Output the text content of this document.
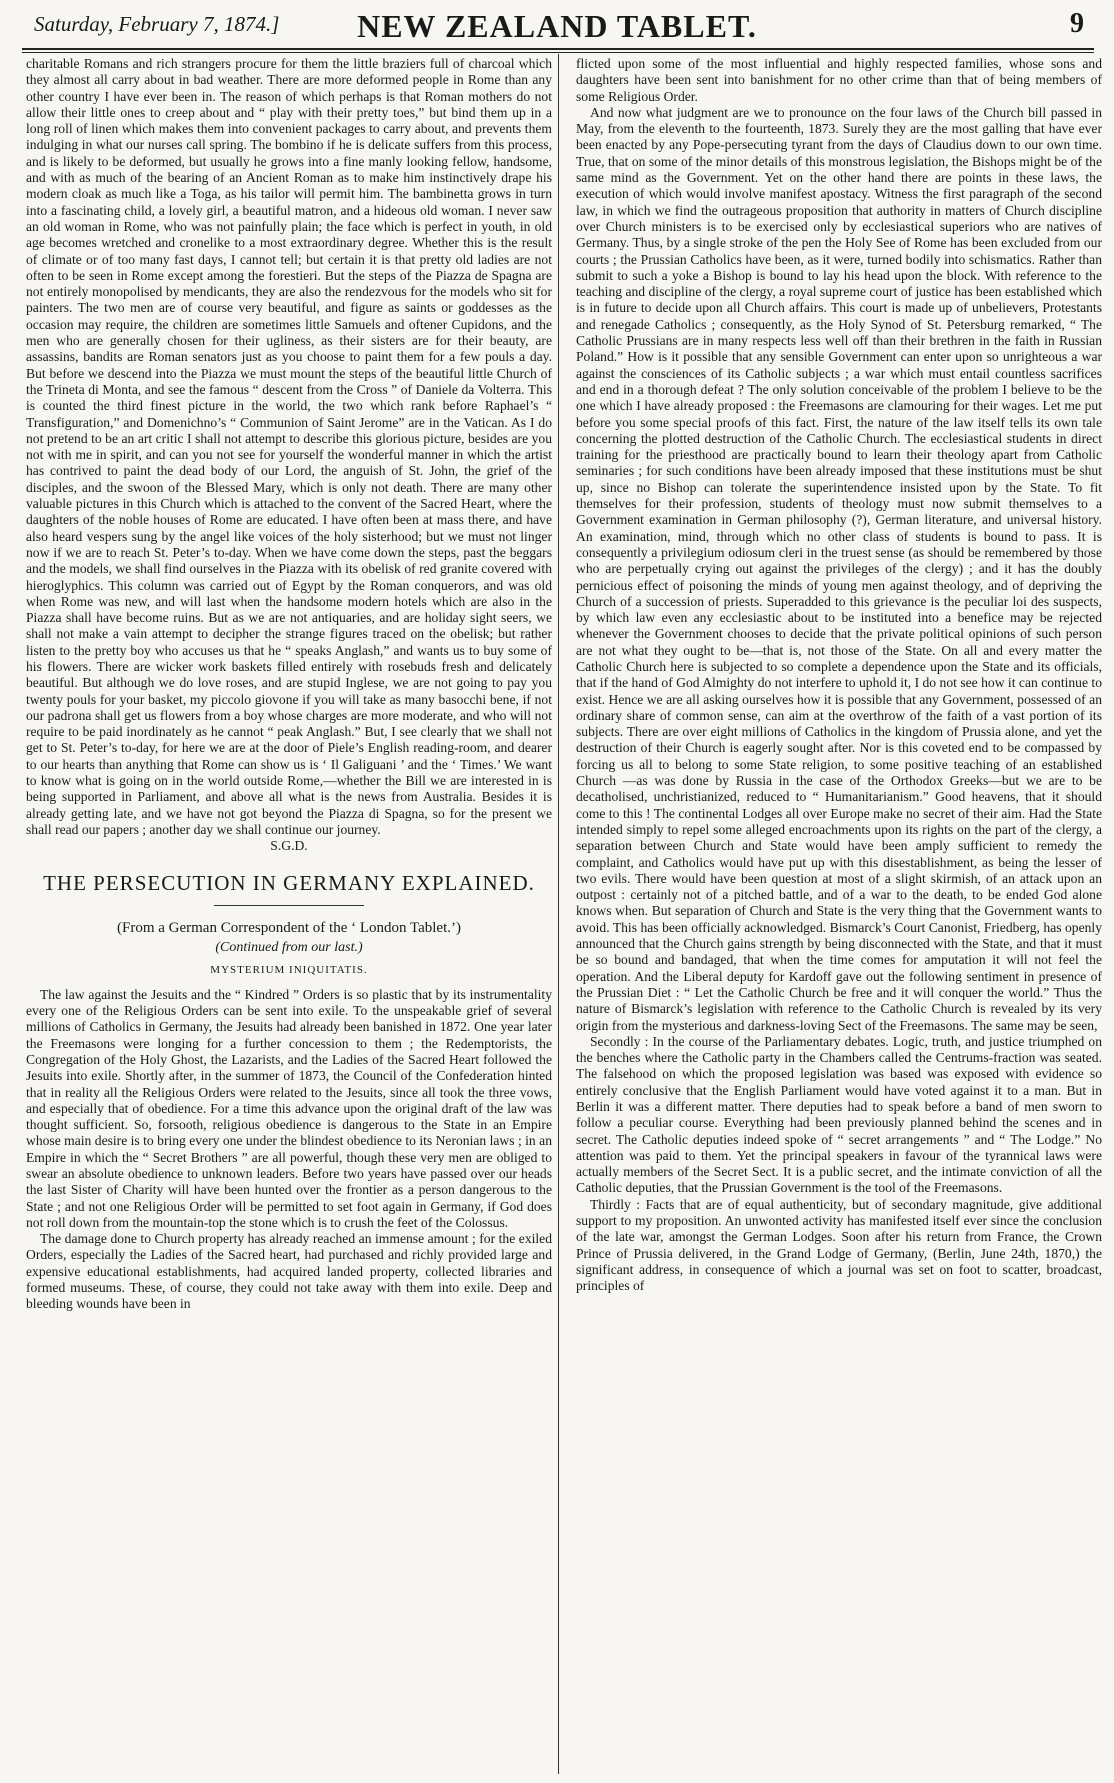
Saturday, February 7, 1874.]	NEW ZEALAND TABLET.	9

charitable Romans and rich strangers procure for them the little braziers full of charcoal which they almost all carry about in bad weather. There are more deformed people in Rome than any other country I have ever been in. The reason of which perhaps is that Roman mothers do not allow their little ones to creep about and “ play with their pretty toes,” but bind them up in a long roll of linen which makes them into convenient packages to carry about, and prevents them indulging in what our nurses call spring. The bombino if he is delicate suffers from this process, and is likely to be deformed, but usually he grows into a fine manly looking fellow, handsome, and with as much of the bearing of an Ancient Roman as to make him instinctively drape his modern cloak as much like a Toga, as his tailor will permit him. The bambinetta grows in turn into a fascinating child, a lovely girl, a beautiful matron, and a hideous old woman. I never saw an old woman in Rome, who was not painfully plain; the face which is perfect in youth, in old age becomes wretched and cronelike to a most extraordinary degree. Whether this is the result of climate or of too many fast days, I cannot tell; but certain it is that pretty old ladies are not often to be seen in Rome except among the forestieri. But the steps of the Piazza de Spagna are not entirely monopolised by mendicants, they are also the rendezvous for the models who sit for painters. The two men are of course very beautiful, and figure as saints or goddesses as the occasion may require, the children are sometimes little Samuels and oftener Cupidons, and the men who are generally chosen for their ugliness, as their sisters are for their beauty, are assassins, bandits are Roman senators just as you choose to paint them for a few pouls a day. But before we descend into the Piazza we must mount the steps of the beautiful little Church of the Trineta di Monta, and see the famous “ descent from the Cross ” of Daniele da Volterra. This is counted the third finest picture in the world, the two which rank before Raphael’s “ Transfiguration,” and Domenichno’s “ Communion of Saint Jerome” are in the Vatican. As I do not pretend to be an art critic I shall not attempt to describe this glorious picture, besides are you not with me in spirit, and can you not see for yourself the wonderful manner in which the artist has contrived to paint the dead body of our Lord, the anguish of St. John, the grief of the disciples, and the swoon of the Blessed Mary, which is only not death. There are many other valuable pictures in this Church which is attached to the convent of the Sacred Heart, where the daughters of the noble houses of Rome are educated. I have often been at mass there, and have also heard vespers sung by the angel like voices of the holy sisterhood; but we must not linger now if we are to reach St. Peter’s to-day. When we have come down the steps, past the beggars and the models, we shall find ourselves in the Piazza with its obelisk of red granite covered with hieroglyphics. This column was carried out of Egypt by the Roman conquerors, and was old when Rome was new, and will last when the handsome modern hotels which are also in the Piazza shall have become ruins. But as we are not antiquaries, and are holiday sight seers, we shall not make a vain attempt to decipher the strange figures traced on the obelisk; but rather listen to the pretty boy who accuses us that he “ speaks Anglash,” and wants us to buy some of his flowers. There are wicker work baskets filled entirely with rosebuds fresh and delicately beautiful. But although we do love roses, and are stupid Inglese, we are not going to pay you twenty pouls for your basket, my piccolo giovone if you will take as many basocchi bene, if not our padrona shall get us flowers from a boy whose charges are more moderate, and who will not require to be paid inordinately as he cannot “ peak Anglash.” But, I see clearly that we shall not get to St. Peter’s to-day, for here we are at the door of Piele’s English reading-room, and dearer to our hearts than anything that Rome can show us is ‘ Il Galiguani ’ and the ‘ Times.’ We want to know what is going on in the world outside Rome,—whether the Bill we are interested in is being supported in Parliament, and above all what is the news from Australia. Besides it is already getting late, and we have not got beyond the Piazza di Spagna, so for the present we shall read our papers ; another day we shall continue our journey.

S.G.D.

THE PERSECUTION IN GERMANY EXPLAINED.
(From a German Correspondent of the ‘ London Tablet.’)
(Continued from our last.)
MYSTERIUM INIQUITATIS.

The law against the Jesuits and the “ Kindred ” Orders is so plastic that by its instrumentality every one of the Religious Orders can be sent into exile. To the unspeakable grief of several millions of Catholics in Germany, the Jesuits had already been banished in 1872. One year later the Freemasons were longing for a further concession to them ; the Redemptorists, the Congregation of the Holy Ghost, the Lazarists, and the Ladies of the Sacred Heart followed the Jesuits into exile. Shortly after, in the summer of 1873, the Council of the Confederation hinted that in reality all the Religious Orders were related to the Jesuits, since all took the three vows, and especially that of obedience. For a time this advance upon the original draft of the law was thought sufficient. So, forsooth, religious obedience is dangerous to the State in an Empire whose main desire is to bring every one under the blindest obedience to its Neronian laws ; in an Empire in which the “ Secret Brothers ” are all powerful, though these very men are obliged to swear an absolute obedience to unknown leaders. Before two years have passed over our heads the last Sister of Charity will have been hunted over the frontier as a person dangerous to the State ; and not one Religious Order will be permitted to set foot again in Germany, if God does not roll down from the mountain-top the stone which is to crush the feet of the Colossus.

The damage done to Church property has already reached an immense amount ; for the exiled Orders, especially the Ladies of the Sacred heart, had purchased and richly provided large and expensive educational establishments, had acquired landed property, collected libraries and formed museums. These, of course, they could not take away with them into exile. Deep and bleeding wounds have been in

flicted upon some of the most influential and highly respected families, whose sons and daughters have been sent into banishment for no other crime than that of being members of some Religious Order.

And now what judgment are we to pronounce on the four laws of the Church bill passed in May, from the eleventh to the fourteenth, 1873. Surely they are the most galling that have ever been enacted by any Pope-persecuting tyrant from the days of Claudius down to our own time. True, that on some of the minor details of this monstrous legislation, the Bishops might be of the same mind as the Government. Yet on the other hand there are points in these laws, the execution of which would involve manifest apostacy. Witness the first paragraph of the second law, in which we find the outrageous proposition that authority in matters of Church discipline over Church ministers is to be exercised only by ecclesiastical superiors who are natives of Germany. Thus, by a single stroke of the pen the Holy See of Rome has been excluded from our courts ; the Prussian Catholics have been, as it were, turned bodily into schismatics. Rather than submit to such a yoke a Bishop is bound to lay his head upon the block. With reference to the teaching and discipline of the clergy, a royal supreme court of justice has been established which is in future to decide upon all Church affairs. This court is made up of unbelievers, Protestants and renegade Catholics ; consequently, as the Holy Synod of St. Petersburg remarked, “ The Catholic Prussians are in many respects less well off than their brethren in the faith in Russian Poland.” How is it possible that any sensible Government can enter upon so unrighteous a war against the consciences of its Catholic subjects ; a war which must entail countless sacrifices and end in a thorough defeat ? The only solution conceivable of the problem I believe to be the one which I have already proposed : the Freemasons are clamouring for their wages. Let me put before you some special proofs of this fact. First, the nature of the law itself tells its own tale concerning the plotted destruction of the Catholic Church. The ecclesiastical students in direct training for the priesthood are practically bound to learn their theology apart from Catholic seminaries ; for such conditions have been already imposed that these institutions must be shut up, since no Bishop can tolerate the superintendence insisted upon by the State. To fit themselves for their profession, students of theology must now submit themselves to a Government examination in German philosophy (?), German literature, and universal history. An examination, mind, through which no other class of students is bound to pass. It is consequently a privilegium odiosum cleri in the truest sense (as should be remembered by those who are perpetually crying out against the privileges of the clergy) ; and it has the doubly pernicious effect of poisoning the minds of young men against theology, and of depriving the Church of a succession of priests. Superadded to this grievance is the peculiar loi des suspects, by which law even any ecclesiastic about to be instituted into a benefice may be rejected whenever the Government chooses to decide that the private political opinions of such person are not what they ought to be—that is, not those of the State. On all and every matter the Catholic Church here is subjected to so complete a dependence upon the State and its officials, that if the hand of God Almighty do not interfere to uphold it, I do not see how it can continue to exist. Hence we are all asking ourselves how it is possible that any Government, possessed of an ordinary share of common sense, can aim at the overthrow of the faith of a vast portion of its subjects. There are over eight millions of Catholics in the kingdom of Prussia alone, and yet the destruction of their Church is eagerly sought after. Nor is this coveted end to be compassed by forcing us all to belong to some State religion, to some positive teaching of an established Church —as was done by Russia in the case of the Orthodox Greeks—but we are to be decatholised, unchristianized, reduced to “ Humanitarianism.” Good heavens, that it should come to this ! The continental Lodges all over Europe make no secret of their aim. Had the State intended simply to repel some alleged encroachments upon its rights on the part of the clergy, a separation between Church and State would have been amply sufficient to remedy the complaint, and Catholics would have put up with this disestablishment, as being the lesser of two evils. There would have been question at most of a slight skirmish, of an attack upon an outpost : certainly not of a pitched battle, and of a war to the death, to be ended God alone knows when. But separation of Church and State is the very thing that the Government wants to avoid. This has been officially acknowledged. Bismarck’s Court Canonist, Friedberg, has openly announced that the Church gains strength by being disconnected with the State, and that it must be so bound and bandaged, that when the time comes for amputation it will not feel the operation. And the Liberal deputy for Kardoff gave out the following sentiment in presence of the Prussian Diet : “ Let the Catholic Church be free and it will conquer the world.” Thus the nature of Bismarck’s legislation with reference to the Catholic Church is revealed by its very origin from the mysterious and darkness-loving Sect of the Freemasons. The same may be seen,

Secondly : In the course of the Parliamentary debates. Logic, truth, and justice triumphed on the benches where the Catholic party in the Chambers called the Centrums-fraction was seated. The falsehood on which the proposed legislation was based was exposed with evidence so entirely conclusive that the English Parliament would have voted against it to a man. But in Berlin it was a different matter. There deputies had to speak before a band of men sworn to follow a peculiar course. Everything had been previously planned behind the scenes and in secret. The Catholic deputies indeed spoke of “ secret arrangements ” and “ The Lodge.” No attention was paid to them. Yet the principal speakers in favour of the tyrannical laws were actually members of the Secret Sect. It is a public secret, and the intimate conviction of all the Catholic deputies, that the Prussian Government is the tool of the Freemasons.

Thirdly : Facts that are of equal authenticity, but of secondary magnitude, give additional support to my proposition. An unwonted activity has manifested itself ever since the conclusion of the late war, amongst the German Lodges. Soon after his return from France, the Crown Prince of Prussia delivered, in the Grand Lodge of Germany, (Berlin, June 24th, 1870,) the significant address, in consequence of which a journal was set on foot to scatter, broadcast, principles of
